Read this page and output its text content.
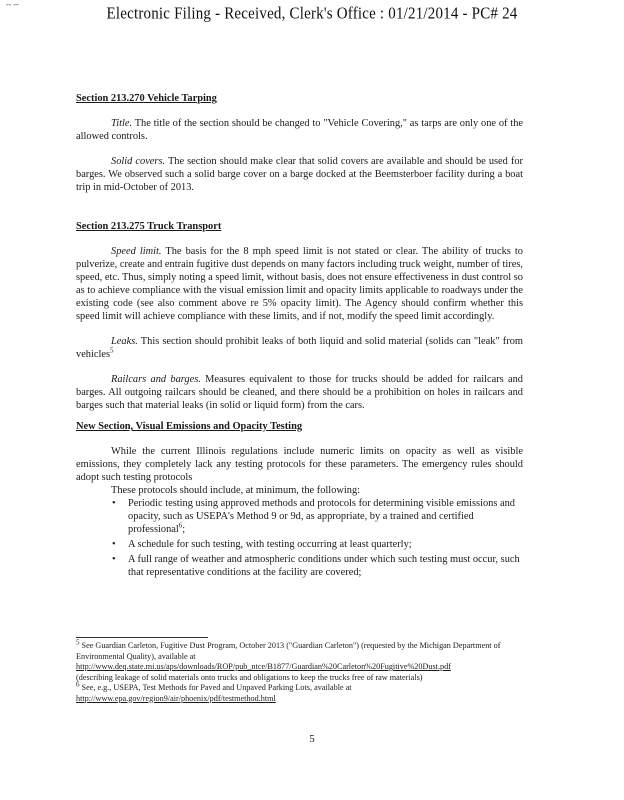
-- --
Electronic Filing - Received, Clerk's Office : 01/21/2014 - PC# 24

Section 213.270 Vehicle Tarping

Title. The title of the section should be changed to "Vehicle Covering," as tarps are only one of the allowed controls.

Solid covers. The section should make clear that solid covers are available and should be used for barges. We observed such a solid barge cover on a barge docked at the Beemsterboer facility during a boat trip in mid-October of 2013.

Section 213.275 Truck Transport

Speed limit. The basis for the 8 mph speed limit is not stated or clear. The ability of trucks to pulverize, create and entrain fugitive dust depends on many factors including truck weight, number of tires, speed, etc. Thus, simply noting a speed limit, without basis, does not ensure effectiveness in dust control so as to achieve compliance with the visual emission limit and opacity limits applicable to roadways under the existing code (see also comment above re 5% opacity limit). The Agency should confirm whether this speed limit will achieve compliance with these limits, and if not, modify the speed limit accordingly.

Leaks. This section should prohibit leaks of both liquid and solid material (solids can "leak" from vehicles$^5$

Railcars and barges. Measures equivalent to those for trucks should be added for railcars and barges. All outgoing railcars should be cleaned, and there should be a prohibition on holes in railcars and barges such that material leaks (in solid or liquid form) from the cars.

New Section, Visual Emissions and Opacity Testing

While the current Illinois regulations include numeric limits on opacity as well as visible emissions, they completely lack any testing protocols for these parameters. The emergency rules should adopt such testing protocols

These protocols should include, at minimum, the following:

• Periodic testing using approved methods and protocols for determining visible emissions and opacity, such as USEPA's Method 9 or 9d, as appropriate, by a trained and certified professional$^6$;
• A schedule for such testing, with testing occurring at least quarterly;
• A full range of weather and atmospheric conditions under which such testing must occur, such that representative conditions at the facility are covered;
$^5$ See Guardian Carleton, Fugitive Dust Program, October 2013 ("Guardian Carleton") (requested by the Michigan Department of Environmental Quality), available at
http://www.deq.state.mi.us/aps/downloads/ROP/pub_ntce/B1877/Guardian%20Carleton%20Fugitive%20Dust.pdf
(describing leakage of solid materials onto trucks and obligations to keep the trucks free of raw materials)
$^6$ See, e.g., USEPA, Test Methods for Paved and Unpaved Parking Lots, available at
http://www.epa.gov/region9/air/phoenix/pdf/testmethod.html
5
